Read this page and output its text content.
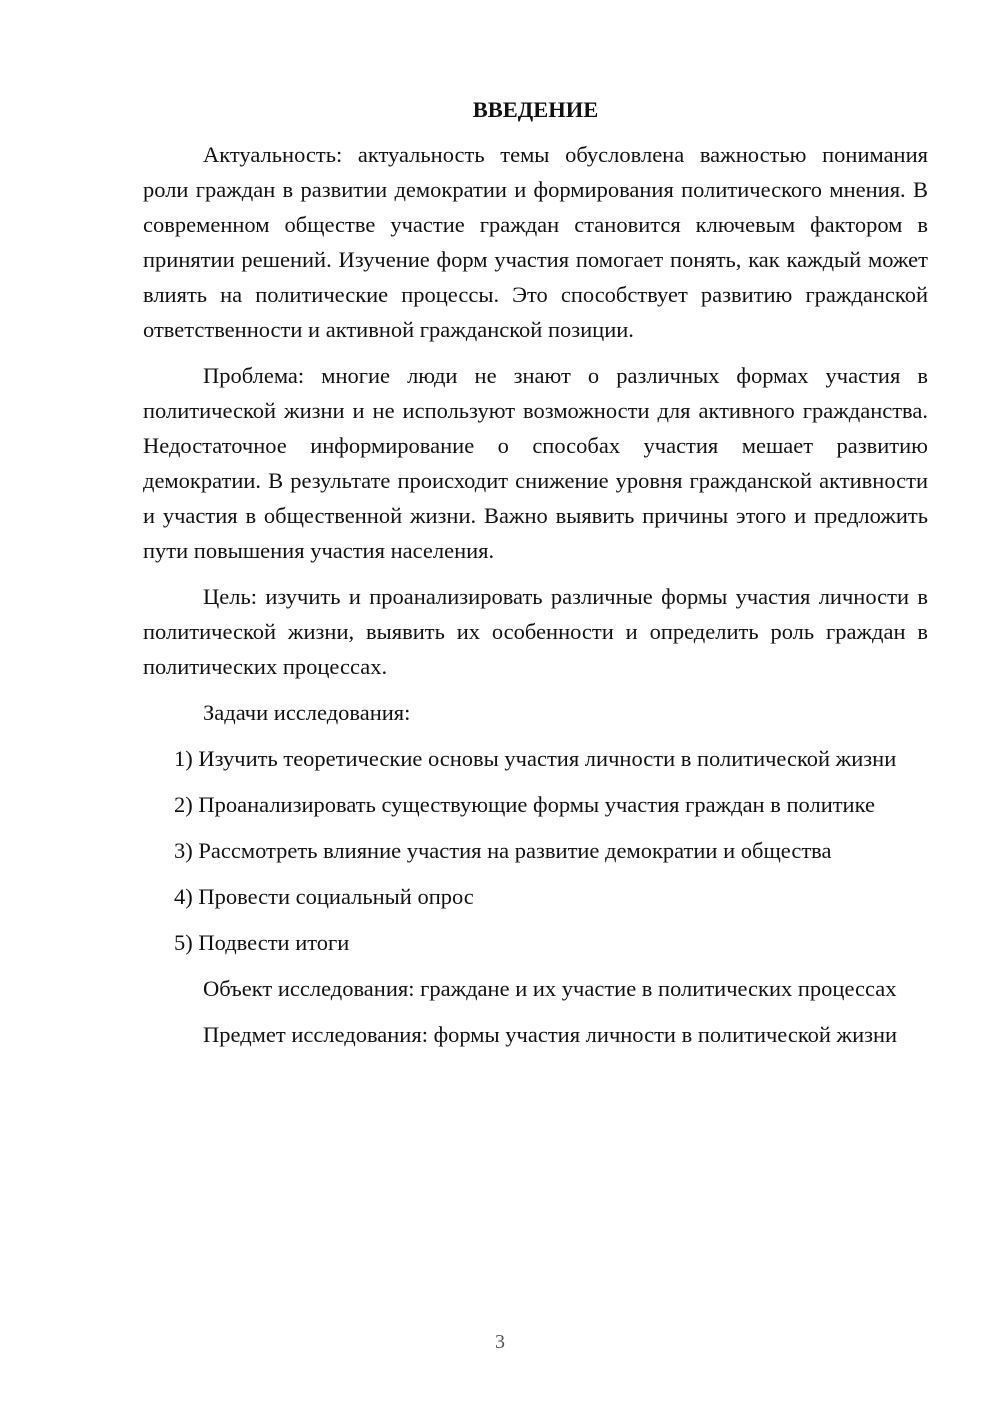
ВВЕДЕНИЕ

Актуальность: актуальность темы обусловлена важностью понимания роли граждан в развитии демократии и формирования политического мнения. В современном обществе участие граждан становится ключевым фактором в принятии решений. Изучение форм участия помогает понять, как каждый может влиять на политические процессы. Это способствует развитию гражданской ответственности и активной гражданской позиции.

Проблема: многие люди не знают о различных формах участия в политической жизни и не используют возможности для активного гражданства. Недостаточное информирование о способах участия мешает развитию демократии. В результате происходит снижение уровня гражданской активности и участия в общественной жизни. Важно выявить причины этого и предложить пути повышения участия населения.

Цель: изучить и проанализировать различные формы участия личности в политической жизни, выявить их особенности и определить роль граждан в политических процессах.

Задачи исследования:

1) Изучить теоретические основы участия личности в политической жизни

2) Проанализировать существующие формы участия граждан в политике

3) Рассмотреть влияние участия на развитие демократии и общества

4) Провести социальный опрос

5) Подвести итоги

Объект исследования: граждане и их участие в политических процессах

Предмет исследования: формы участия личности в политической жизни

3
